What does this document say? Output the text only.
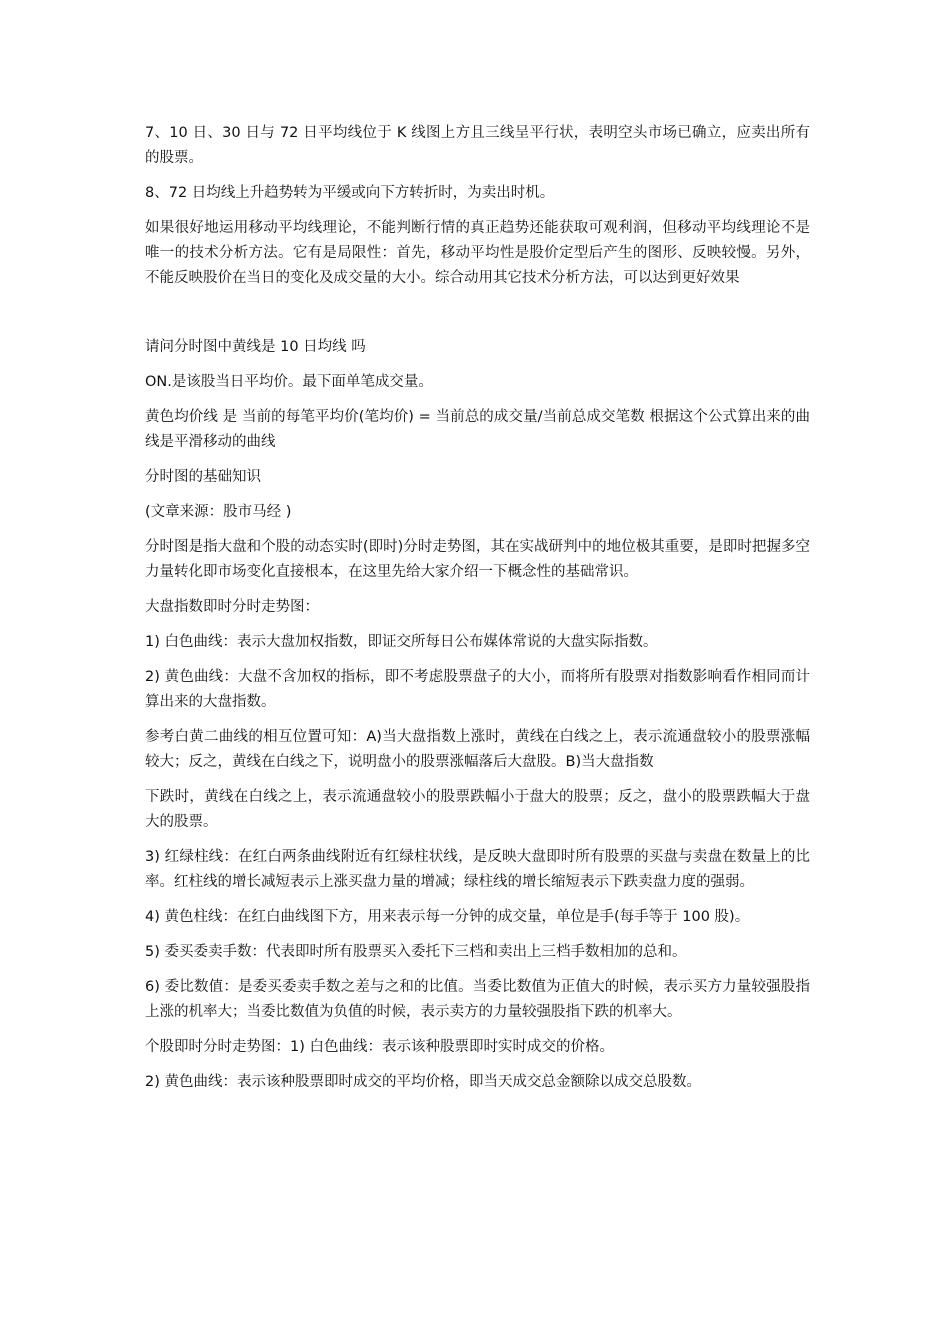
7、10 日、30 日与 72 日平均线位于 K 线图上方且三线呈平行状，表明空头市场已确立，应卖出所有的股票。

8、72 日均线上升趋势转为平缓或向下方转折时，为卖出时机。

如果很好地运用移动平均线理论，不能判断行情的真正趋势还能获取可观利润，但移动平均线理论不是唯一的技术分析方法。它有是局限性：首先，移动平均性是股价定型后产生的图形、反映较慢。另外，不能反映股价在当日的变化及成交量的大小。综合动用其它技术分析方法，可以达到更好效果

请问分时图中黄线是 10 日均线 吗

ON.是该股当日平均价。最下面单笔成交量。

黄色均价线 是 当前的每笔平均价(笔均价) = 当前总的成交量/当前总成交笔数 根据这个公式算出来的曲线是平滑移动的曲线

分时图的基础知识

(文章来源：股市马经 )

分时图是指大盘和个股的动态实时(即时)分时走势图，其在实战研判中的地位极其重要，是即时把握多空力量转化即市场变化直接根本，在这里先给大家介绍一下概念性的基础常识。

大盘指数即时分时走势图：

1) 白色曲线：表示大盘加权指数，即证交所每日公布媒体常说的大盘实际指数。

2) 黄色曲线：大盘不含加权的指标，即不考虑股票盘子的大小，而将所有股票对指数影响看作相同而计算出来的大盘指数。

参考白黄二曲线的相互位置可知：A)当大盘指数上涨时，黄线在白线之上，表示流通盘较小的股票涨幅较大；反之，黄线在白线之下，说明盘小的股票涨幅落后大盘股。B)当大盘指数

下跌时，黄线在白线之上，表示流通盘较小的股票跌幅小于盘大的股票；反之，盘小的股票跌幅大于盘大的股票。

3) 红绿柱线：在红白两条曲线附近有红绿柱状线，是反映大盘即时所有股票的买盘与卖盘在数量上的比率。红柱线的增长减短表示上涨买盘力量的增减；绿柱线的增长缩短表示下跌卖盘力度的强弱。

4) 黄色柱线：在红白曲线图下方，用来表示每一分钟的成交量，单位是手(每手等于 100 股)。

5) 委买委卖手数：代表即时所有股票买入委托下三档和卖出上三档手数相加的总和。

6) 委比数值：是委买委卖手数之差与之和的比值。当委比数值为正值大的时候，表示买方力量较强股指上涨的机率大；当委比数值为负值的时候，表示卖方的力量较强股指下跌的机率大。

个股即时分时走势图：1) 白色曲线：表示该种股票即时实时成交的价格。

2) 黄色曲线：表示该种股票即时成交的平均价格，即当天成交总金额除以成交总股数。
